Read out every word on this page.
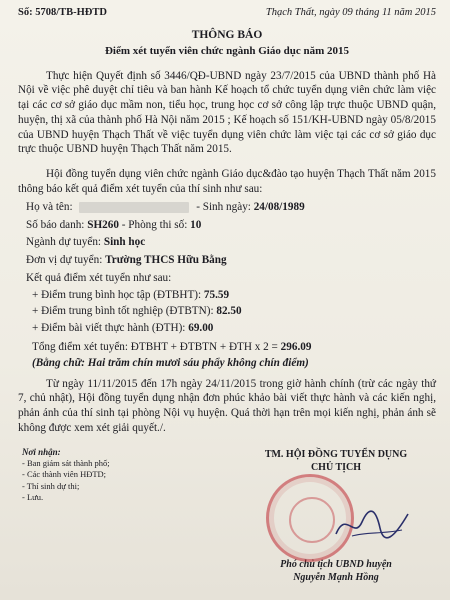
Số: 5708/TB-HĐTD	Thạch Thất, ngày 09 tháng 11 năm 2015
THÔNG BÁO
Điểm xét tuyển viên chức ngành Giáo dục năm 2015

Thực hiện Quyết định số 3446/QĐ-UBND ngày 23/7/2015 của UBND thành phố Hà Nội về việc phê duyệt chỉ tiêu và ban hành Kế hoạch tổ chức tuyển dụng viên chức làm việc tại các cơ sở giáo dục mầm non, tiểu học, trung học cơ sở công lập trực thuộc UBND quận, huyện, thị xã của thành phố Hà Nội năm 2015 ; Kế hoạch số 151/KH-UBND ngày 05/8/2015 của UBND huyện Thạch Thất về việc tuyển dụng viên chức làm việc tại các cơ sở giáo dục trực thuộc UBND huyện Thạch Thất năm 2015.

Hội đồng tuyển dụng viên chức ngành Giáo dục&đào tạo huyện Thạch Thất năm 2015 thông báo kết quả điểm xét tuyển của thí sinh như sau:

Họ và tên:	- Sinh ngày: 24/08/1989
Số báo danh: SH260 - Phòng thi số: 10
Ngành dự tuyển: Sinh học
Đơn vị dự tuyển: Trường THCS Hữu Bằng
Kết quả điểm xét tuyển như sau:
+ Điểm trung bình học tập (ĐTBHT): 75.59
+ Điểm trung bình tốt nghiệp (ĐTBTN): 82.50
+ Điểm bài viết thực hành (ĐTH): 69.00
Tổng điểm xét tuyển: ĐTBHT + ĐTBTN + ĐTH x 2 = 296.09
(Bằng chữ: Hai trăm chín mươi sáu phẩy không chín điểm)

Từ ngày 11/11/2015 đến 17h ngày 24/11/2015 trong giờ hành chính (trừ các ngày thứ 7, chủ nhật), Hội đồng tuyển dụng nhận đơn phúc khảo bài viết thực hành và các kiến nghị, phản ánh của thí sinh tại phòng Nội vụ huyện. Quá thời hạn trên mọi kiến nghị, phản ánh sẽ không được xem xét giải quyết./.

Nơi nhận:
- Ban giám sát thành phố;
- Các thành viên HĐTD;
- Thí sinh dự thi;
- Lưu.
TM. HỘI ĐỒNG TUYỂN DỤNG
CHỦ TỊCH
Phó chủ tịch UBND huyện
Nguyễn Mạnh Hồng
